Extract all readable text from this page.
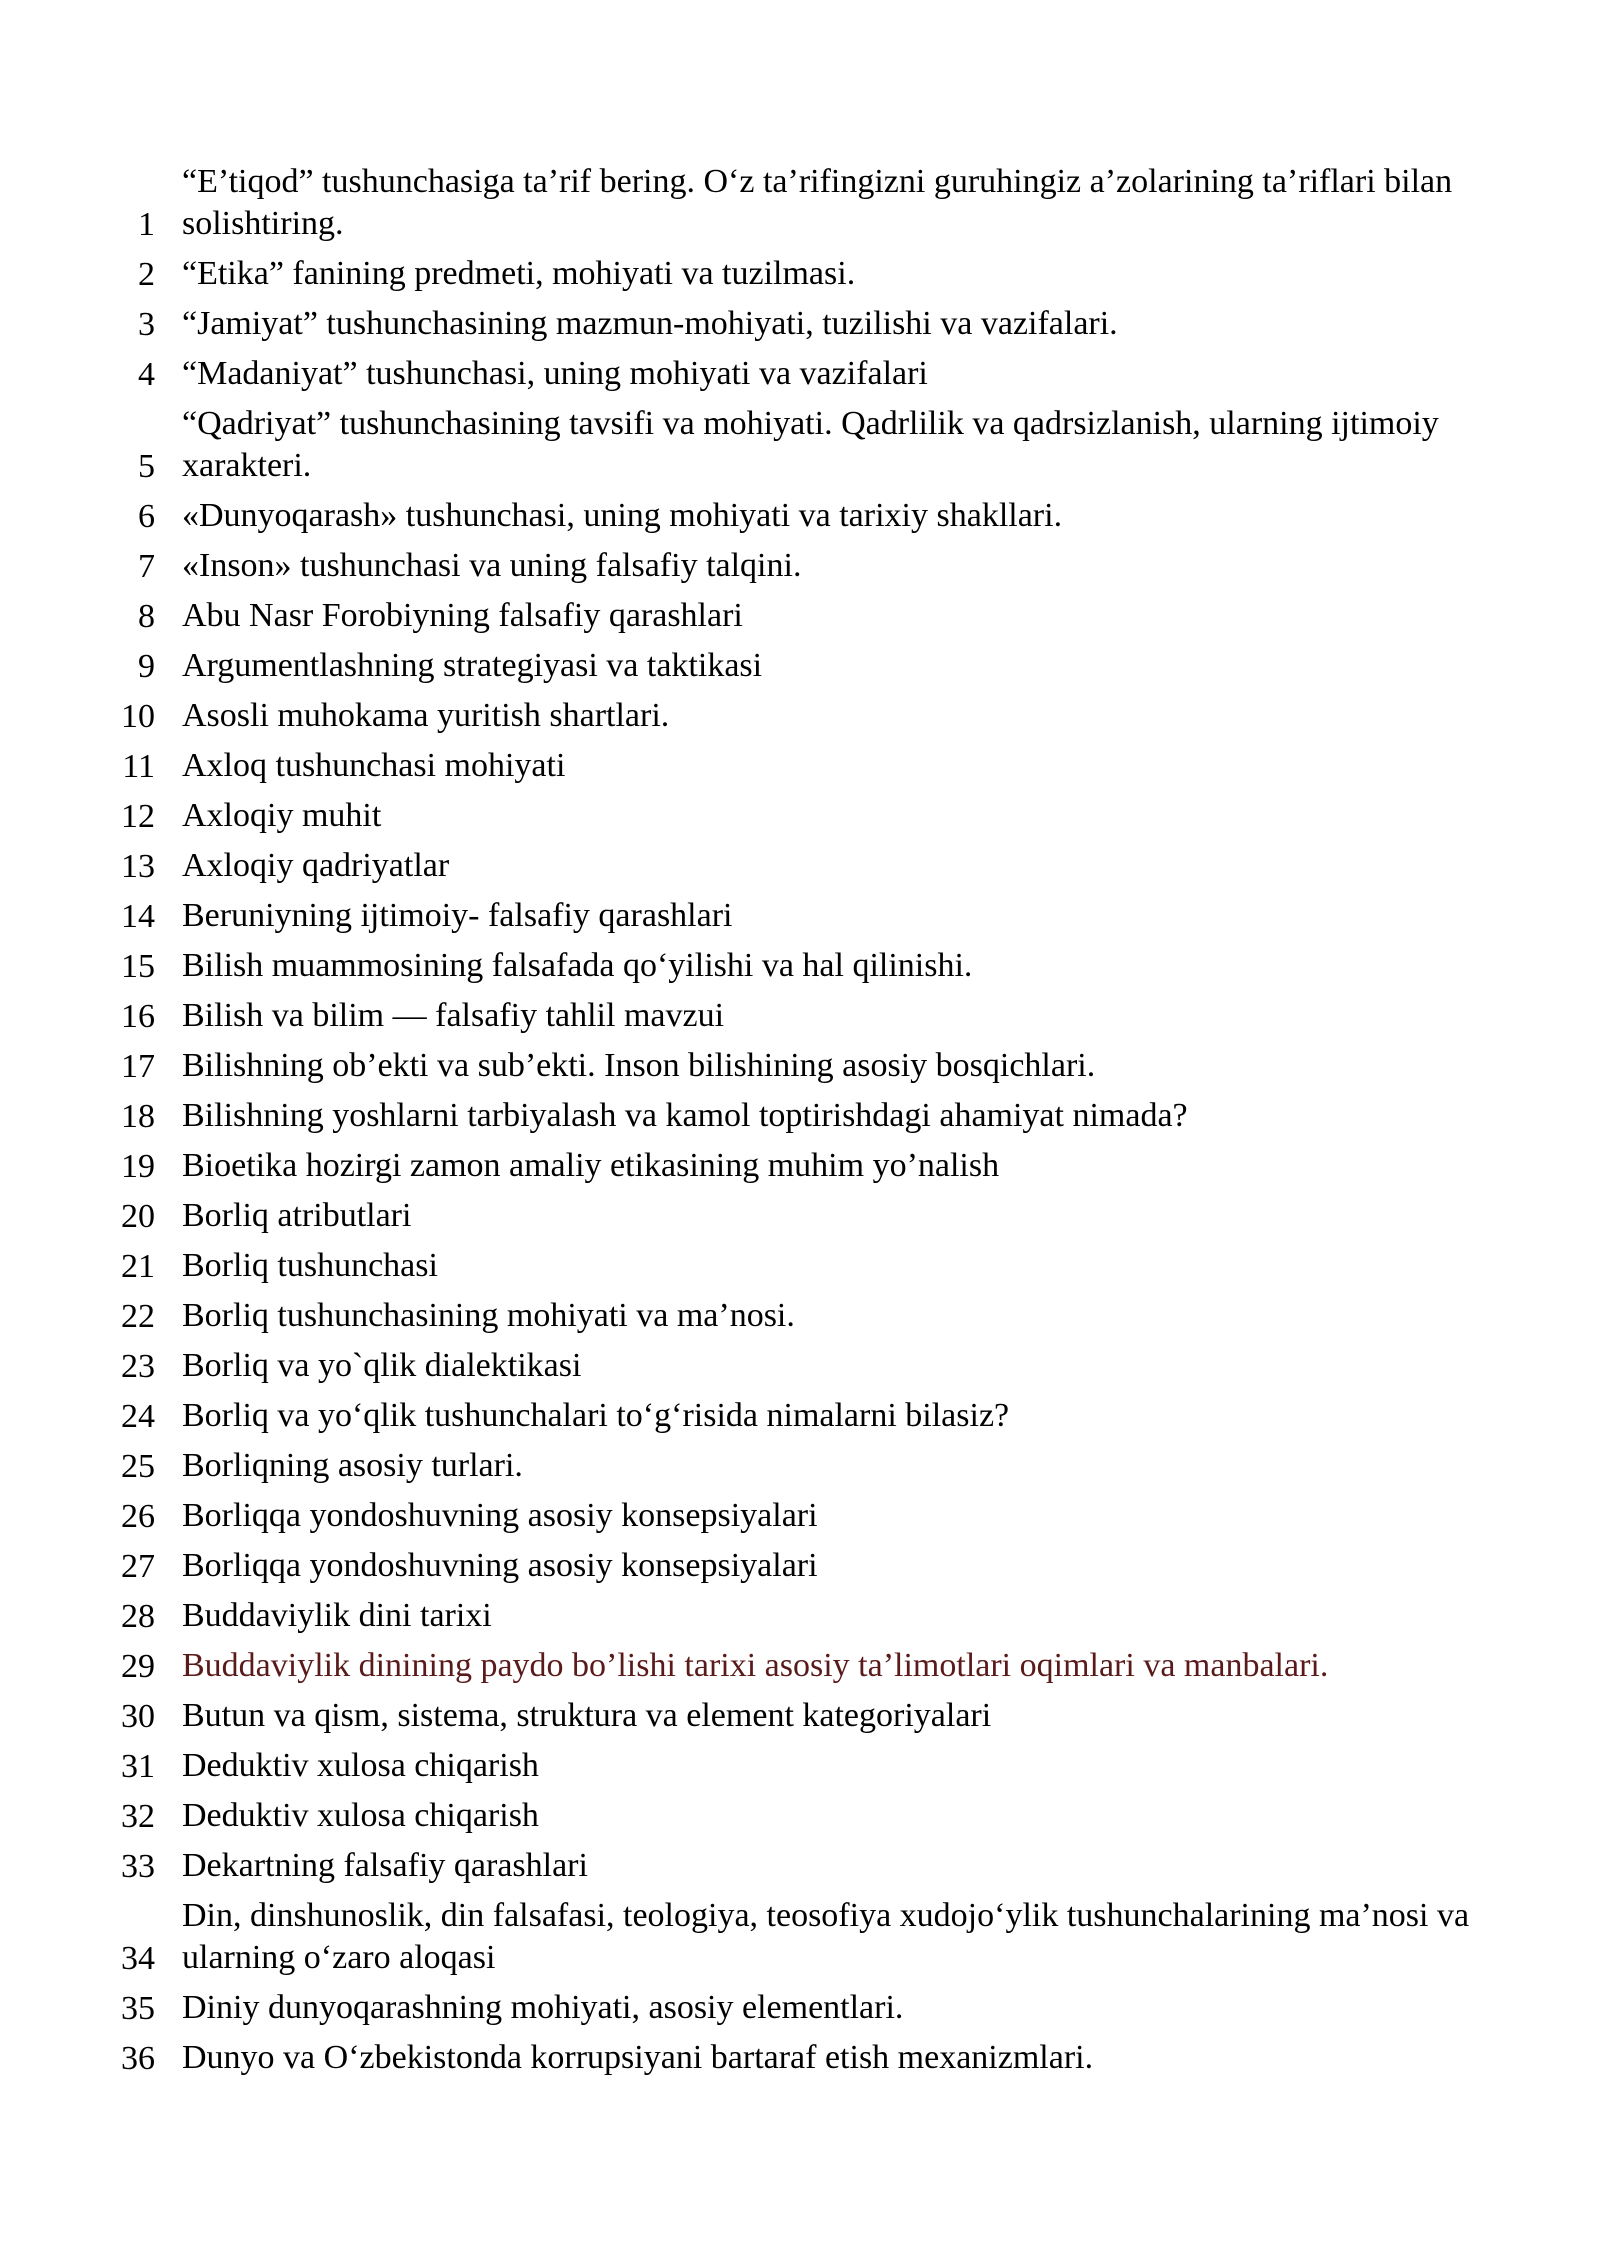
1
“E’tiqod” tushunchasiga ta’rif bering. O‘z ta’rifingizni guruhingiz a’zolarining ta’riflari bilan solishtiring.
2 “Etika” fanining predmeti, mohiyati va tuzilmasi.
3 “Jamiyat” tushunchasining mazmun-mohiyati, tuzilishi va vazifalari.
4 “Madaniyat” tushunchasi, uning mohiyati va vazifalari
5
“Qadriyat” tushunchasining tavsifi va mohiyati. Qadrlilik va qadrsizlanish, ularning ijtimoiy xarakteri.
6 «Dunyoqarash» tushunchasi, uning mohiyati va tarixiy shakllari.
7 «Inson» tushunchasi va uning falsafiy talqini.
8 Abu Nasr Forobiyning falsafiy qarashlari
9 Argumentlashning strategiyasi va taktikasi
10 Asosli muhokama yuritish shartlari.
11 Axloq tushunchasi mohiyati
12 Axloqiy muhit
13 Axloqiy qadriyatlar
14 Beruniyning ijtimoiy- falsafiy qarashlari
15 Bilish muammosining falsafada qo‘yilishi va hal qilinishi.
16 Bilish va bilim — falsafiy tahlil mavzui
17 Bilishning ob’ekti va sub’ekti. Inson bilishining asosiy bosqichlari.
18 Bilishning yoshlarni tarbiyalash va kamol toptirishdagi ahamiyat nimada?
19 Bioetika hozirgi zamon amaliy etikasining muhim yo’nalish
20 Borliq atributlari
21 Borliq tushunchasi
22 Borliq tushunchasining mohiyati va ma’nosi.
23 Borliq va yo`qlik dialektikasi
24 Borliq va yo‘qlik tushunchalari to‘g‘risida nimalarni bilasiz?
25 Borliqning asosiy turlari.
26 Borliqqa yondoshuvning asosiy konsepsiyalari
27 Borliqqa yondoshuvning asosiy konsepsiyalari
28 Buddaviylik dini tarixi
29 Buddaviylik dinining paydo bo’lishi tarixi asosiy ta’limotlari oqimlari va manbalari.
30 Butun va qism, sistema, struktura va element kategoriyalari
31 Deduktiv xulosa chiqarish
32 Deduktiv xulosa chiqarish
33 Dekartning falsafiy qarashlari
34
Din, dinshunoslik, din falsafasi, teologiya, teosofiya xudojo‘ylik tushunchalarining ma’nosi va ularning o‘zaro aloqasi
35 Diniy dunyoqarashning mohiyati, asosiy elementlari.
36 Dunyo va O‘zbekistonda korrupsiyani bartaraf etish mexanizmlari.
